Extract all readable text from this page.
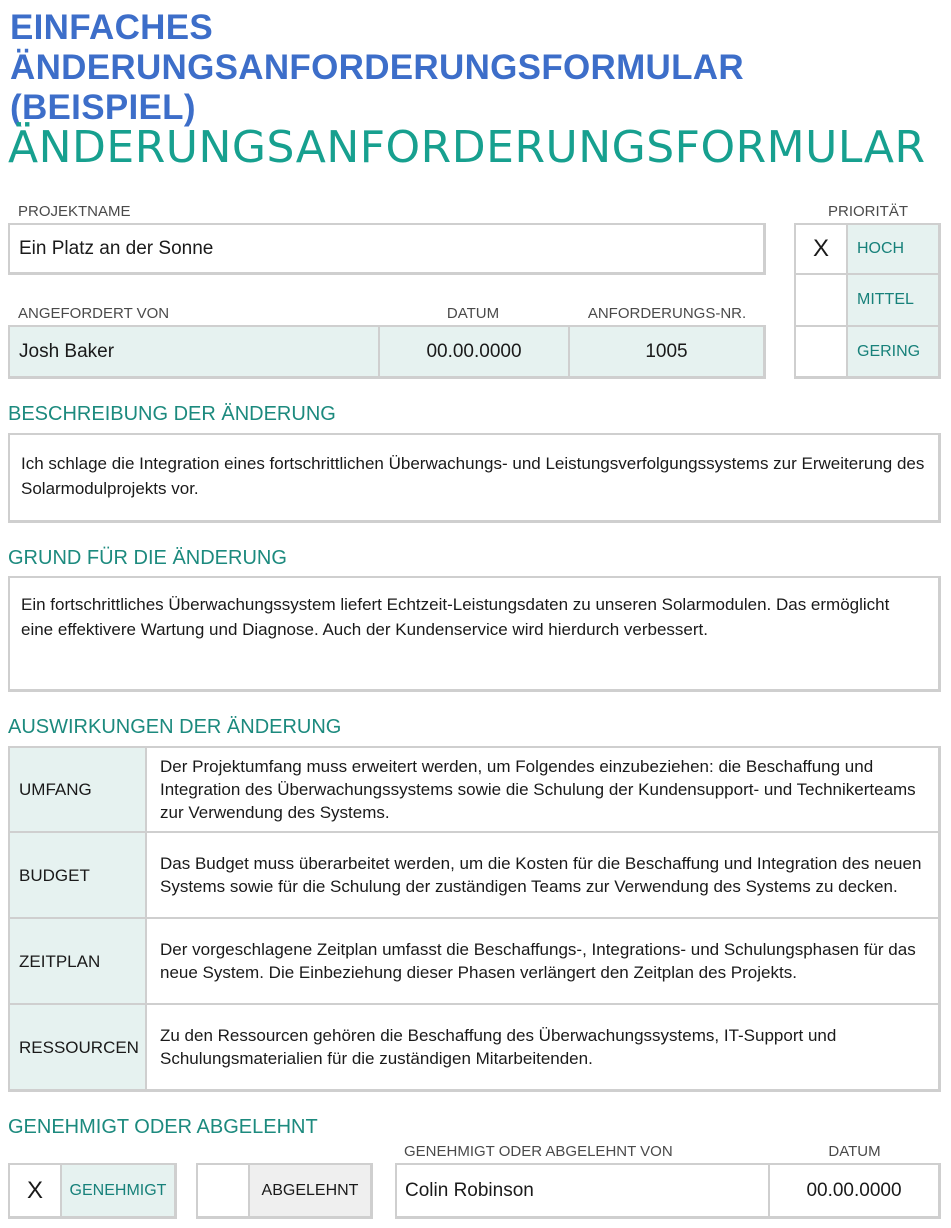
EINFACHES ÄNDERUNGSANFORDERUNGSFORMULAR
(BEISPIEL)
ÄNDERUNGSANFORDERUNGSFORMULAR
PROJEKTNAME
Ein Platz an der Sonne
PRIORITÄT
X HOCH
MITTEL
GERING
ANGEFORDERT VON	DATUM	ANFORDERUNGS-NR.
Josh Baker	00.00.0000	1005
BESCHREIBUNG DER ÄNDERUNG
Ich schlage die Integration eines fortschrittlichen Überwachungs- und Leistungsverfolgungssystems zur Erweiterung des Solarmodulprojekts vor.
GRUND FÜR DIE ÄNDERUNG
Ein fortschrittliches Überwachungssystem liefert Echtzeit-Leistungsdaten zu unseren Solarmodulen. Das ermöglicht eine effektivere Wartung und Diagnose. Auch der Kundenservice wird hierdurch verbessert.
AUSWIRKUNGEN DER ÄNDERUNG
UMFANG
Der Projektumfang muss erweitert werden, um Folgendes einzubeziehen: die Beschaffung und Integration des Überwachungssystems sowie die Schulung der Kundensupport- und Technikerteams zur Verwendung des Systems.
BUDGET
Das Budget muss überarbeitet werden, um die Kosten für die Beschaffung und Integration des neuen Systems sowie für die Schulung der zuständigen Teams zur Verwendung des Systems zu decken.
ZEITPLAN
Der vorgeschlagene Zeitplan umfasst die Beschaffungs-, Integrations- und Schulungsphasen für das neue System. Die Einbeziehung dieser Phasen verlängert den Zeitplan des Projekts.
RESSOURCEN
Zu den Ressourcen gehören die Beschaffung des Überwachungssystems, IT-Support und Schulungsmaterialien für die zuständigen Mitarbeitenden.
GENEHMIGT ODER ABGELEHNT
X GENEHMIGT	ABGELEHNT
GENEHMIGT ODER ABGELEHNT VON	DATUM
Colin Robinson	00.00.0000
